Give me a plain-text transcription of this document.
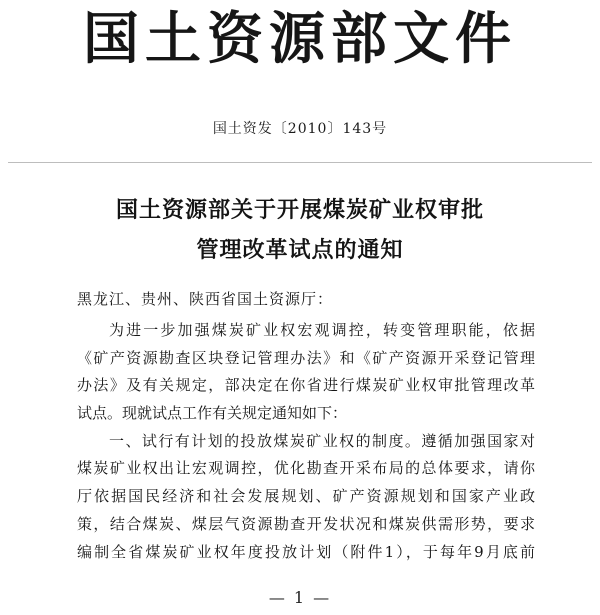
国土资源部文件
国土资发〔2010〕143号
国土资源部关于开展煤炭矿业权审批
管理改革试点的通知
黑龙江、贵州、陕西省国土资源厅：
为进一步加强煤炭矿业权宏观调控，转变管理职能，依据
《矿产资源勘查区块登记管理办法》和《矿产资源开采登记管理
办法》及有关规定，部决定在你省进行煤炭矿业权审批管理改革
试点。现就试点工作有关规定通知如下：
一、试行有计划的投放煤炭矿业权的制度。遵循加强国家对
煤炭矿业权出让宏观调控，优化勘查开采布局的总体要求，请你
厅依据国民经济和社会发展规划、矿产资源规划和国家产业政
策，结合煤炭、煤层气资源勘查开发状况和煤炭供需形势，要求
编制全省煤炭矿业权年度投放计划（附件1），于每年9月底前
— 1 —
